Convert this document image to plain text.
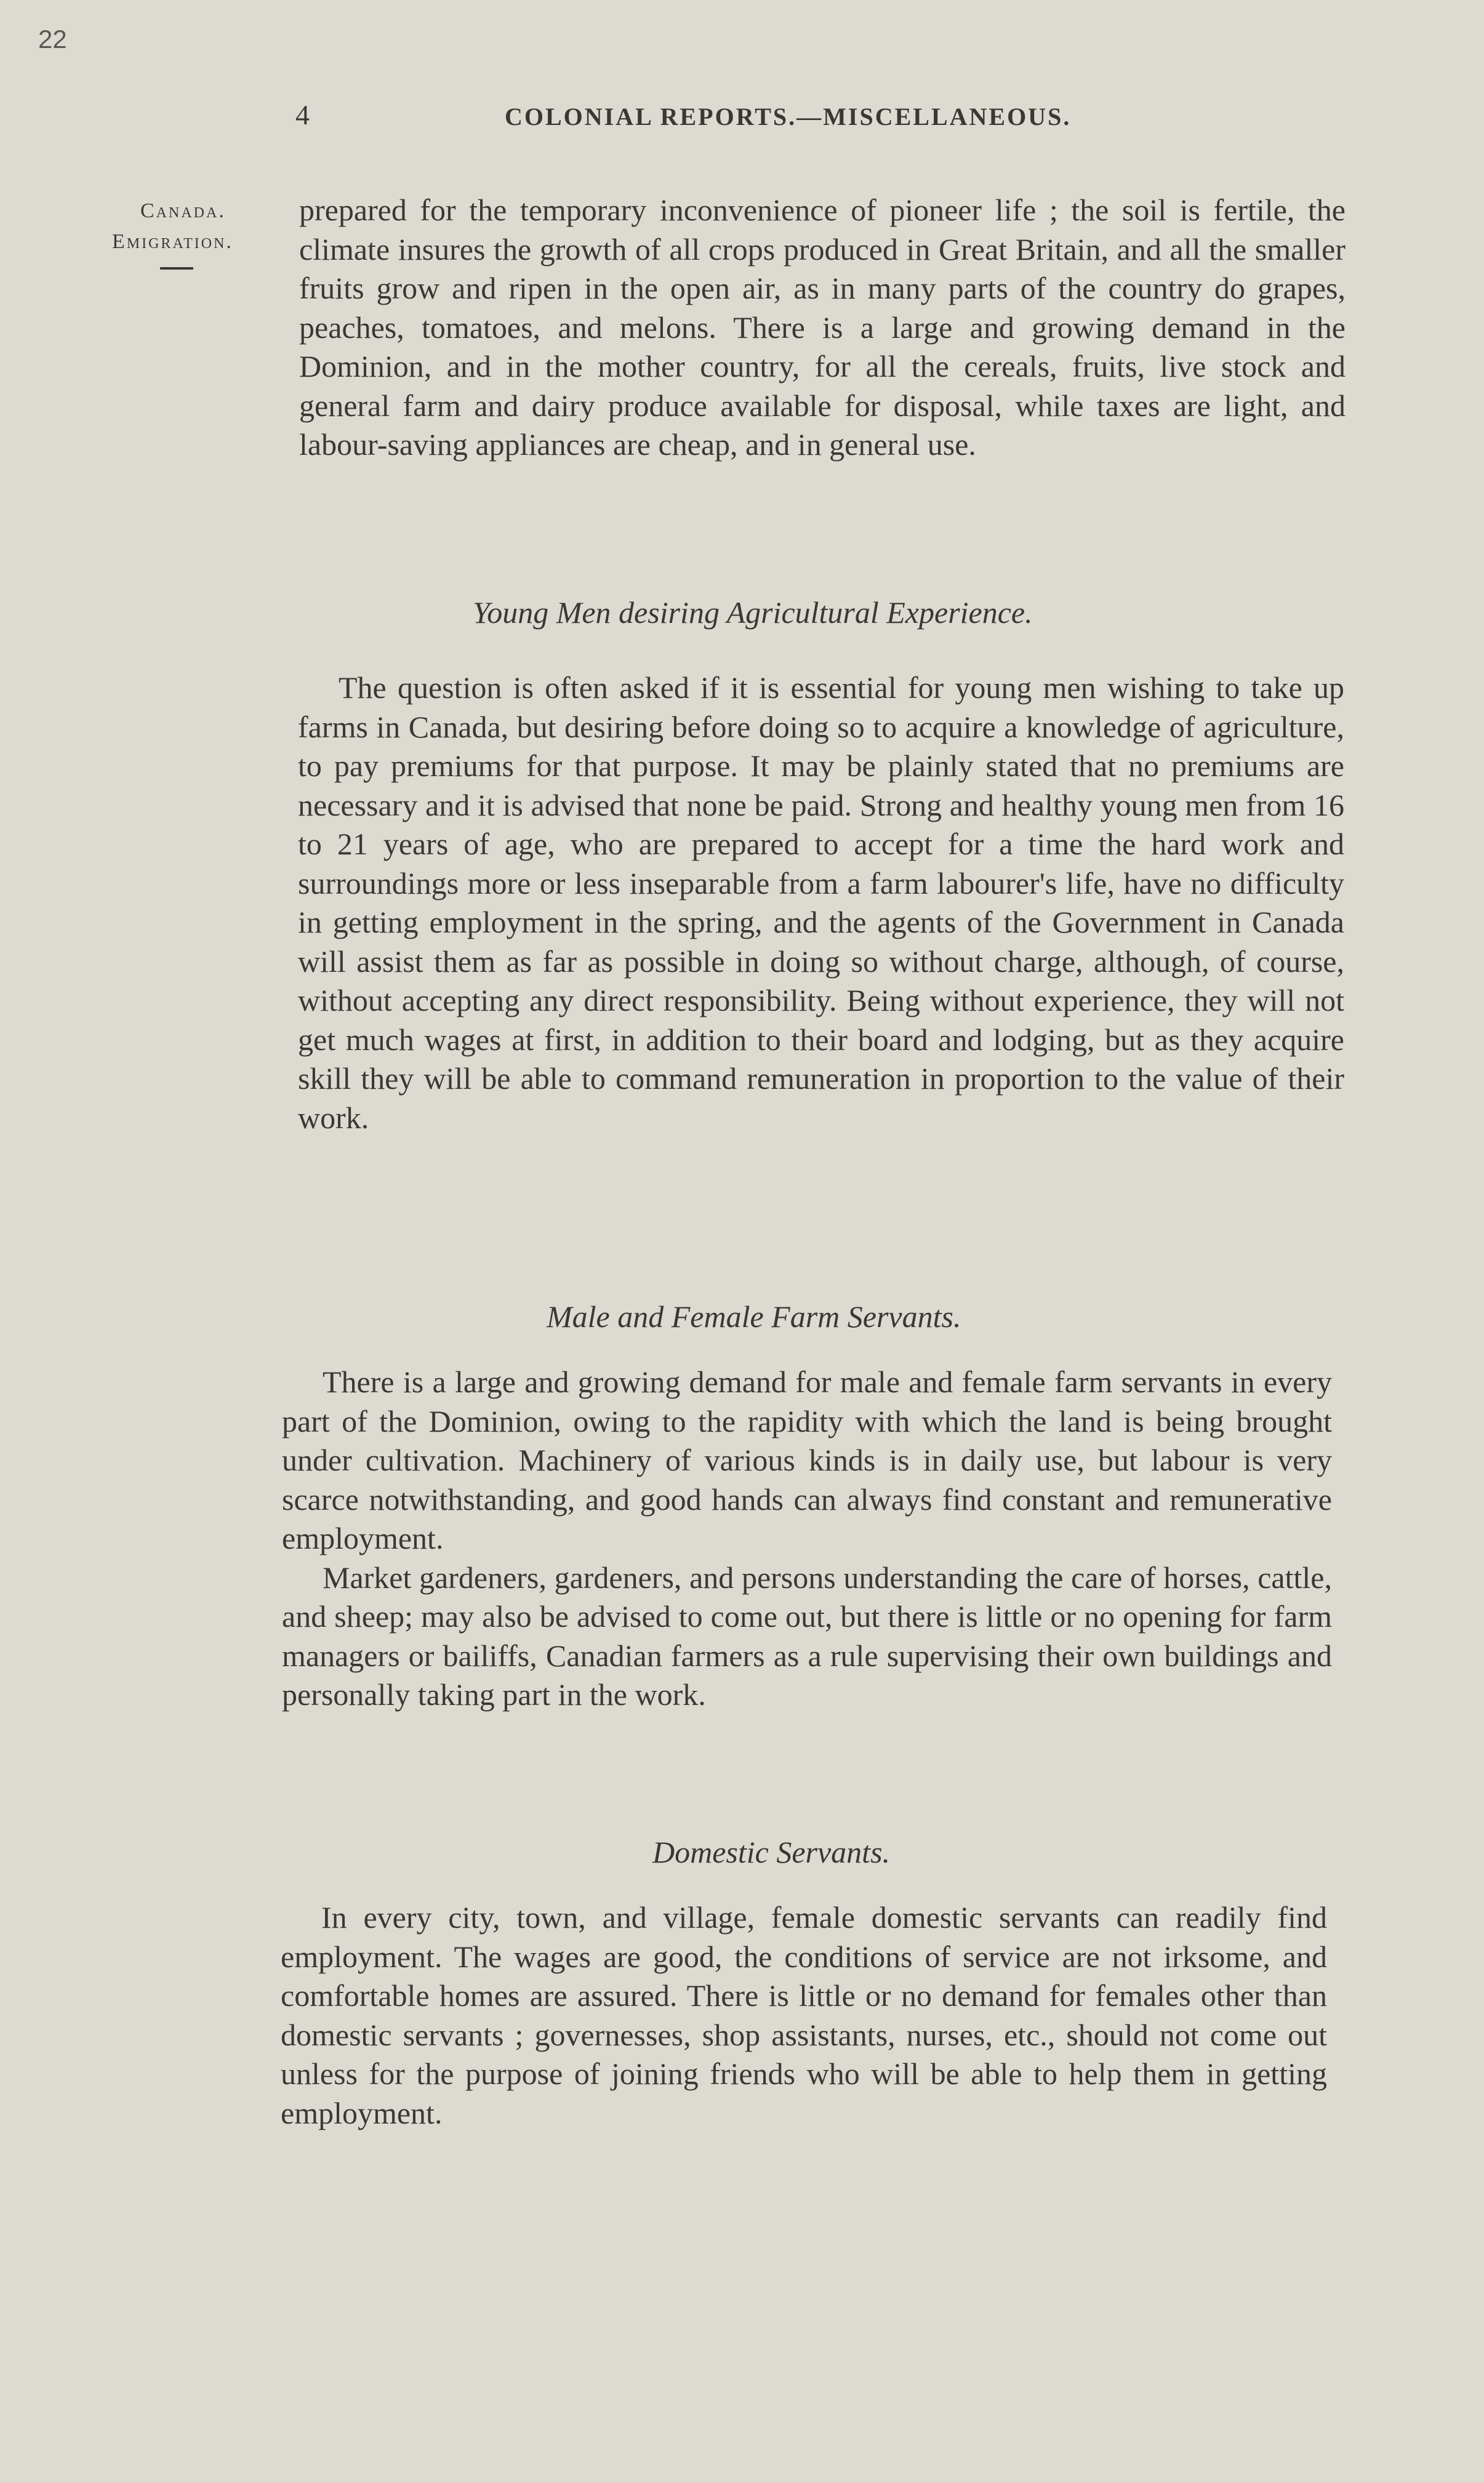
22
4	COLONIAL REPORTS.—MISCELLANEOUS.
Canada.
Emigration.

prepared for the temporary inconvenience of pioneer life ; the soil is fertile, the climate insures the growth of all crops produced in Great Britain, and all the smaller fruits grow and ripen in the open air, as in many parts of the country do grapes, peaches, tomatoes, and melons. There is a large and growing demand in the Dominion, and in the mother country, for all the cereals, fruits, live stock and general farm and dairy produce available for disposal, while taxes are light, and labour-saving appliances are cheap, and in general use.

Young Men desiring Agricultural Experience.

The question is often asked if it is essential for young men wishing to take up farms in Canada, but desiring before doing so to acquire a knowledge of agriculture, to pay premiums for that purpose. It may be plainly stated that no premiums are necessary and it is advised that none be paid. Strong and healthy young men from 16 to 21 years of age, who are prepared to accept for a time the hard work and surroundings more or less inseparable from a farm labourer's life, have no difficulty in getting employment in the spring, and the agents of the Government in Canada will assist them as far as possible in doing so without charge, although, of course, without accepting any direct responsibility. Being without experience, they will not get much wages at first, in addition to their board and lodging, but as they acquire skill they will be able to command remuneration in proportion to the value of their work.

Male and Female Farm Servants.

There is a large and growing demand for male and female farm servants in every part of the Dominion, owing to the rapidity with which the land is being brought under cultivation. Machinery of various kinds is in daily use, but labour is very scarce notwithstanding, and good hands can always find constant and remunerative employment.

Market gardeners, gardeners, and persons understanding the care of horses, cattle, and sheep; may also be advised to come out, but there is little or no opening for farm managers or bailiffs, Canadian farmers as a rule supervising their own buildings and personally taking part in the work.

Domestic Servants.

In every city, town, and village, female domestic servants can readily find employment. The wages are good, the conditions of service are not irksome, and comfortable homes are assured. There is little or no demand for females other than domestic servants ; governesses, shop assistants, nurses, etc., should not come out unless for the purpose of joining friends who will be able to help them in getting employment.
